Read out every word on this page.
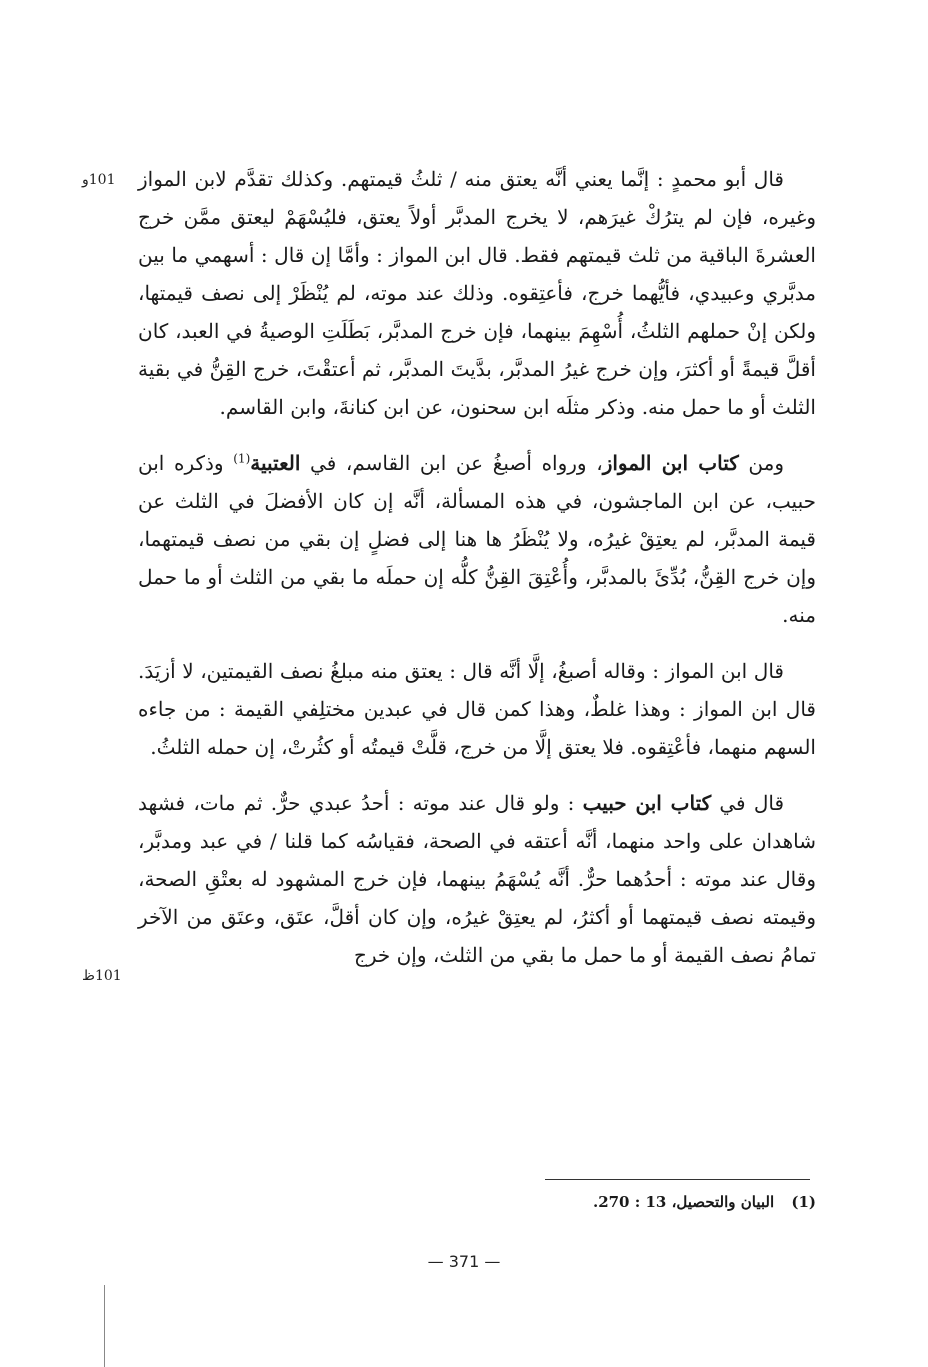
101و
101ظ

قال أبو محمدٍ : إنَّما يعني أنَّه يعتق منه / ثلثُ قيمتهم. وكذلك تقدَّم لابن المواز وغيره، فإن لم يترُكْ غيرَهم، لا يخرج المدبَّر أولاً يعتق، فليُسْهَمْ ليعتق ممَّن خرج العشرةَ الباقية من ثلث قيمتهم فقط. قال ابن المواز : وأمَّا إن قال : أسهمي ما بين مدبَّري وعبيدي، فأيُّهما خرج، فأعتِقوه. وذلك عند موته، لم يُنْظَرْ إلى نصف قيمتها، ولكن إنْ حملهم الثلثُ، أُسْهِمَ بينهما، فإن خرج المدبَّر، بَطَلَتِ الوصيةُ في العبد، كان أقلَّ قيمةً أو أكثرَ، وإن خرج غيرُ المدبَّر، بدَّيتَ المدبَّر، ثم أعتقْتَ، خرج القِنُّ في بقية الثلث أو ما حمل منه. وذكر مثلَه ابن سحنون، عن ابن كنانةَ، وابن القاسم.

ومن كتاب ابن المواز، ورواه أصبغُ عن ابن القاسم، في العتبية$^{(1)}$ وذكره ابن حبيب، عن ابن الماجشون، في هذه المسألة، أنَّه إن كان الأفضلَ في الثلث عن قيمة المدبَّر، لم يعتِقْ غيرُه، ولا يُنْظَرُ ها هنا إلى فضلٍ إن بقي من نصف قيمتهما، وإن خرج القِنُّ، بُدِّئَ بالمدبَّر، وأُعْتِقَ القِنُّ كلُّه إن حملَه ما بقي من الثلث أو ما حمل منه.

قال ابن المواز : وقاله أصبغُ، إلَّا أنَّه قال : يعتق منه مبلغُ نصف القيمتين، لا أزيَدَ. قال ابن المواز : وهذا غلطٌ، وهذا كمن قال في عبدين مختلِفي القيمة : من جاءه السهم منهما، فأعْتِقوه. فلا يعتق إلَّا من خرج، قلَّتْ قيمتُه أو كثُرتْ، إن حمله الثلثُ.

قال في كتاب ابن حبيب : ولو قال عند موته : أحدُ عبدي حرٌّ. ثم مات، فشهد شاهدان على واحد منهما، أنَّه أعتقه في الصحة، فقياسُه كما قلنا / في عبد ومدبَّر، وقال عند موته : أحدُهما حرٌّ. أنَّه يُسْهَمُ بينهما، فإن خرج المشهود له بعتْقِ الصحة، وقيمته نصف قيمتهما أو أكثرُ، لم يعتِقْ غيرُه، وإن كان أقلَّ، عتَق، وعتَق من الآخر تمامُ نصف القيمة أو ما حمل ما بقي من الثلث، وإن خرج

(1) البيان والتحصيل، 13 : 270.
— 371 —
